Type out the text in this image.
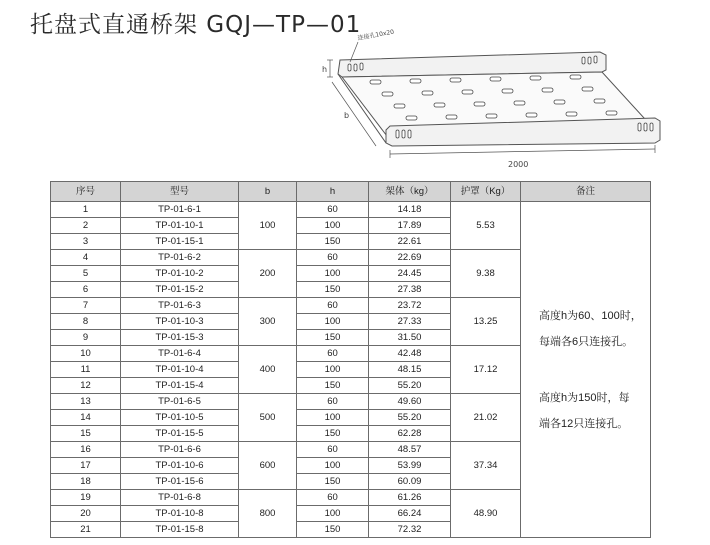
托盘式直通桥架 GQJ—TP—01
h
b
2000
连接孔10x20
序号	型号	b	h	架体（kg）	护罩（Kg）	备注
1	TP-01-6-1	100	60	14.18	5.53	高度h为60、100时，
每端各6只连接孔。
高度h为150时，每
端各12只连接孔。

2	TP-01-10-1		100	17.89		
3	TP-01-15-1		150	22.61		
4	TP-01-6-2	200	60	22.69	9.38	
5	TP-01-10-2		100	24.45		
6	TP-01-15-2		150	27.38		
7	TP-01-6-3	300	60	23.72	13.25	
8	TP-01-10-3		100	27.33		
9	TP-01-15-3		150	31.50		
10	TP-01-6-4	400	60	42.48	17.12	
11	TP-01-10-4		100	48.15		
12	TP-01-15-4		150	55.20		
13	TP-01-6-5	500	60	49.60	21.02	
14	TP-01-10-5		100	55.20		
15	TP-01-15-5		150	62.28		
16	TP-01-6-6	600	60	48.57	37.34	
17	TP-01-10-6		100	53.99		
18	TP-01-15-6		150	60.09		
19	TP-01-6-8	800	60	61.26	48.90	
20	TP-01-10-8		100	66.24		
21	TP-01-15-8		150	72.32		
